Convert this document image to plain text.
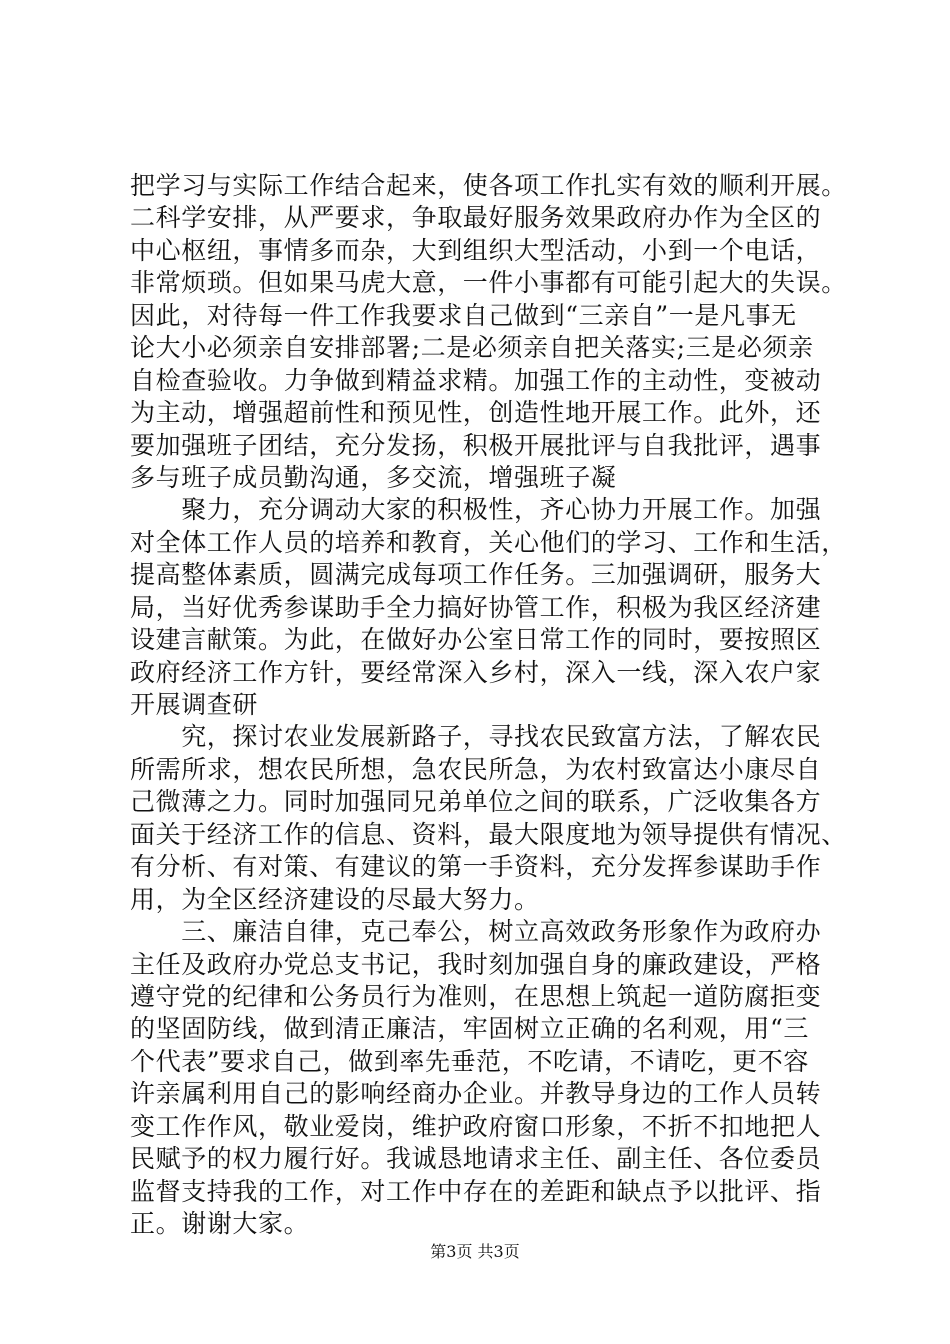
把学习与实际工作结合起来，使各项工作扎实有效的顺利开展。
二科学安排，从严要求，争取最好服务效果政府办作为全区的
中心枢纽，事情多而杂，大到组织大型活动，小到一个电话，
非常烦琐。但如果马虎大意，一件小事都有可能引起大的失误。
因此，对待每一件工作我要求自己做到“三亲自”一是凡事无
论大小必须亲自安排部署;二是必须亲自把关落实;三是必须亲
自检查验收。力争做到精益求精。加强工作的主动性，变被动
为主动，增强超前性和预见性，创造性地开展工作。此外，还
要加强班子团结，充分发扬，积极开展批评与自我批评，遇事
多与班子成员勤沟通，多交流，增强班子凝
　　聚力，充分调动大家的积极性，齐心协力开展工作。加强
对全体工作人员的培养和教育，关心他们的学习、工作和生活，
提高整体素质，圆满完成每项工作任务。三加强调研，服务大
局，当好优秀参谋助手全力搞好协管工作，积极为我区经济建
设建言献策。为此，在做好办公室日常工作的同时，要按照区
政府经济工作方针，要经常深入乡村，深入一线，深入农户家
开展调查研
　　究，探讨农业发展新路子，寻找农民致富方法，了解农民
所需所求，想农民所想，急农民所急，为农村致富达小康尽自
己微薄之力。同时加强同兄弟单位之间的联系，广泛收集各方
面关于经济工作的信息、资料，最大限度地为领导提供有情况、
有分析、有对策、有建议的第一手资料，充分发挥参谋助手作
用，为全区经济建设的尽最大努力。
　　三、廉洁自律，克己奉公，树立高效政务形象作为政府办
主任及政府办党总支书记，我时刻加强自身的廉政建设，严格
遵守党的纪律和公务员行为准则，在思想上筑起一道防腐拒变
的坚固防线，做到清正廉洁，牢固树立正确的名利观，用“三
个代表”要求自己，做到率先垂范，不吃请，不请吃，更不容
许亲属利用自己的影响经商办企业。并教导身边的工作人员转
变工作作风，敬业爱岗，维护政府窗口形象，不折不扣地把人
民赋予的权力履行好。我诚恳地请求主任、副主任、各位委员
监督支持我的工作，对工作中存在的差距和缺点予以批评、指
正。谢谢大家。
第3页 共3页
